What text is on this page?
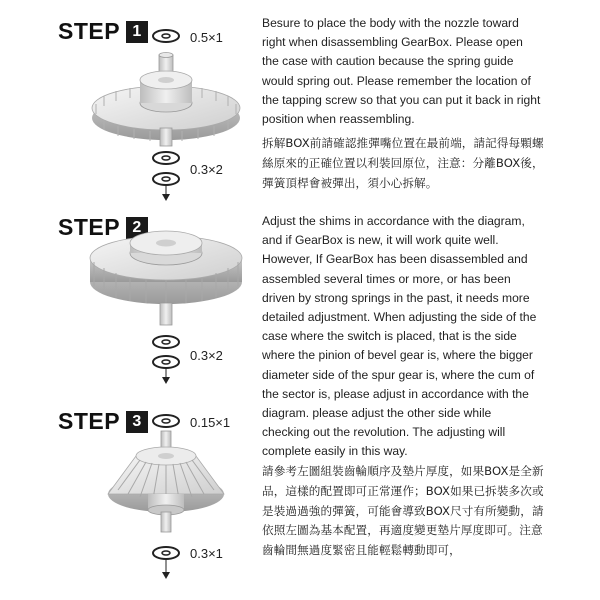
STEP 1
STEP 2
STEP 3
0.5×1
0.3×2
0.3×2
0.15×1
0.3×1

Besure to place the body with the nozzle toward right when disassembling GearBox. Please open the case with caution because the spring guide would spring out. Please remember the location of the tapping screw so that you can put it back in right position when reassembling.

拆解BOX前請確認推彈嘴位置在最前端，請記得每顆螺絲原來的正確位置以利裝回原位，注意：分離BOX後，彈簧頂桿會被彈出，須小心拆解。

Adjust the shims in accordance with the diagram, and if GearBox is new, it will work quite well. However, If GearBox has been disassembled and assembled several times or more, or has been driven by strong springs in the past, it needs more detailed adjustment. When adjusting the side of the case where the switch is placed, that is the side where the pinion of bevel gear is, where the bigger diameter side of the spur gear is, where the cum of the sector is, please adjust in accordance with the diagram. please adjust the other side while checking out the revolution. The adjusting will complete easily in this way.

請參考左圖組裝齒輪順序及墊片厚度，如果BOX是全新品，這樣的配置即可正常運作；BOX如果已拆裝多次或是裝過過強的彈簧，可能會導致BOX尺寸有所變動，請依照左圖為基本配置，再適度變更墊片厚度即可。注意齒輪間無過度緊密且能輕鬆轉動即可，
